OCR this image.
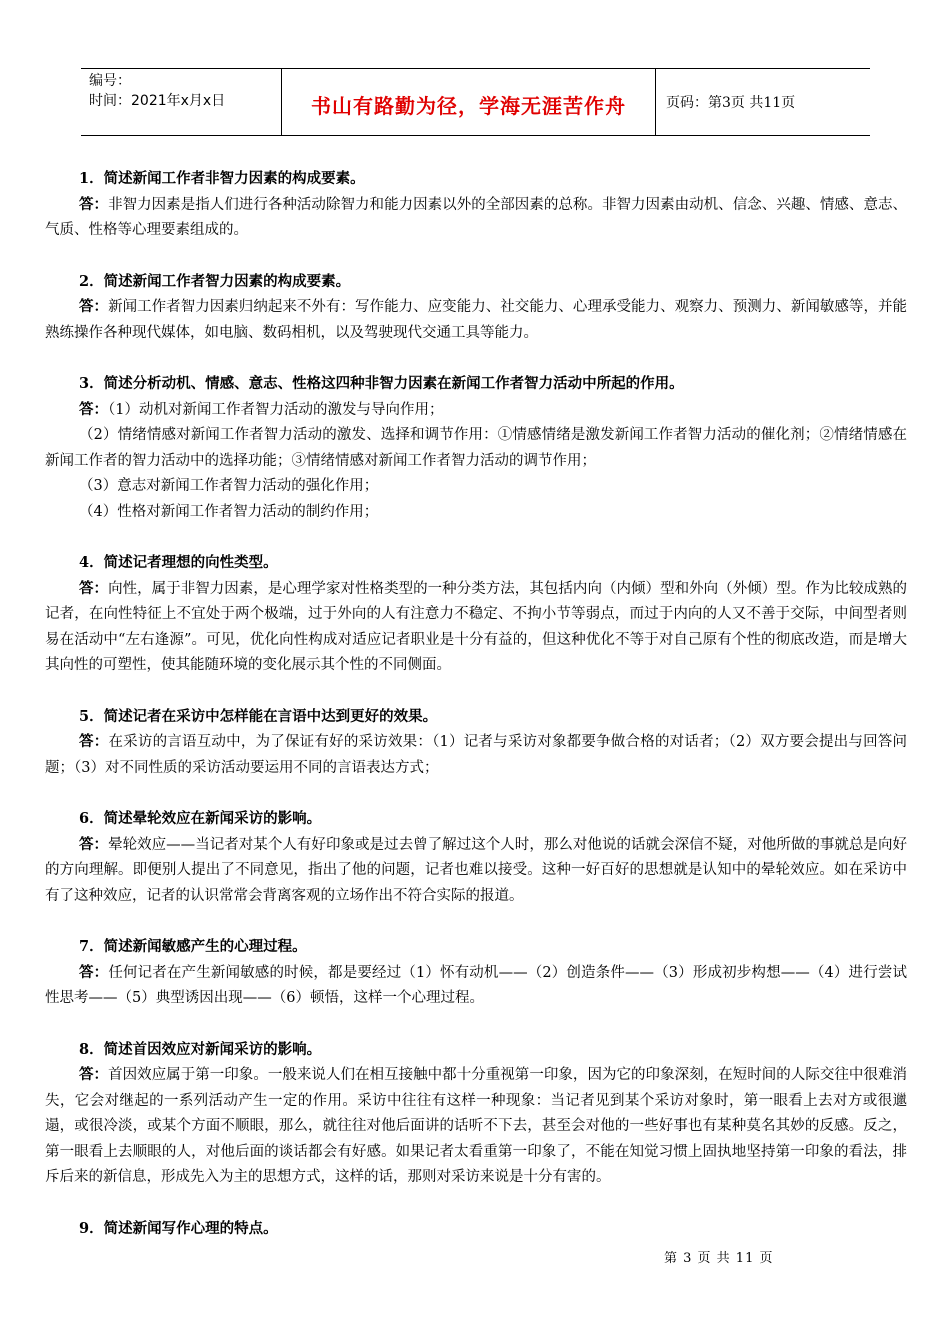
编号：
时间：2021年x月x日	书山有路勤为径，学海无涯苦作舟	页码：第3页 共11页

1．简述新闻工作者非智力因素的构成要素。

答：非智力因素是指人们进行各种活动除智力和能力因素以外的全部因素的总称。非智力因素由动机、信念、兴趣、情感、意志、气质、性格等心理要素组成的。

2．简述新闻工作者智力因素的构成要素。

答：新闻工作者智力因素归纳起来不外有：写作能力、应变能力、社交能力、心理承受能力、观察力、预测力、新闻敏感等，并能熟练操作各种现代媒体，如电脑、数码相机，以及驾驶现代交通工具等能力。

3．简述分析动机、情感、意志、性格这四种非智力因素在新闻工作者智力活动中所起的作用。

答：（1）动机对新闻工作者智力活动的激发与导向作用；

（2）情绪情感对新闻工作者智力活动的激发、选择和调节作用：①情感情绪是激发新闻工作者智力活动的催化剂；②情绪情感在新闻工作者的智力活动中的选择功能；③情绪情感对新闻工作者智力活动的调节作用；

（3）意志对新闻工作者智力活动的强化作用；

（4）性格对新闻工作者智力活动的制约作用；

4．简述记者理想的向性类型。

答：向性，属于非智力因素，是心理学家对性格类型的一种分类方法，其包括内向（内倾）型和外向（外倾）型。作为比较成熟的记者，在向性特征上不宜处于两个极端，过于外向的人有注意力不稳定、不拘小节等弱点，而过于内向的人又不善于交际，中间型者则易在活动中“左右逢源”。可见，优化向性构成对适应记者职业是十分有益的，但这种优化不等于对自己原有个性的彻底改造，而是增大其向性的可塑性，使其能随环境的变化展示其个性的不同侧面。

5．简述记者在采访中怎样能在言语中达到更好的效果。

答：在采访的言语互动中，为了保证有好的采访效果：（1）记者与采访对象都要争做合格的对话者；（2）双方要会提出与回答问题；（3）对不同性质的采访活动要运用不同的言语表达方式；

6．简述晕轮效应在新闻采访的影响。

答：晕轮效应——当记者对某个人有好印象或是过去曾了解过这个人时，那么对他说的话就会深信不疑，对他所做的事就总是向好的方向理解。即便别人提出了不同意见，指出了他的问题，记者也难以接受。这种一好百好的思想就是认知中的晕轮效应。如在采访中有了这种效应，记者的认识常常会背离客观的立场作出不符合实际的报道。

7．简述新闻敏感产生的心理过程。

答：任何记者在产生新闻敏感的时候，都是要经过（1）怀有动机——（2）创造条件——（3）形成初步构想——（4）进行尝试性思考——（5）典型诱因出现——（6）顿悟，这样一个心理过程。

8．简述首因效应对新闻采访的影响。

答：首因效应属于第一印象。一般来说人们在相互接触中都十分重视第一印象，因为它的印象深刻，在短时间的人际交往中很难消失，它会对继起的一系列活动产生一定的作用。采访中往往有这样一种现象：当记者见到某个采访对象时，第一眼看上去对方或很邋遢，或很冷淡，或某个方面不顺眼，那么，就往往对他后面讲的话听不下去，甚至会对他的一些好事也有某种莫名其妙的反感。反之，第一眼看上去顺眼的人，对他后面的谈话都会有好感。如果记者太看重第一印象了，不能在知觉习惯上固执地坚持第一印象的看法，排斥后来的新信息，形成先入为主的思想方式，这样的话，那则对采访来说是十分有害的。

9．简述新闻写作心理的特点。

第 3 页 共 11 页
